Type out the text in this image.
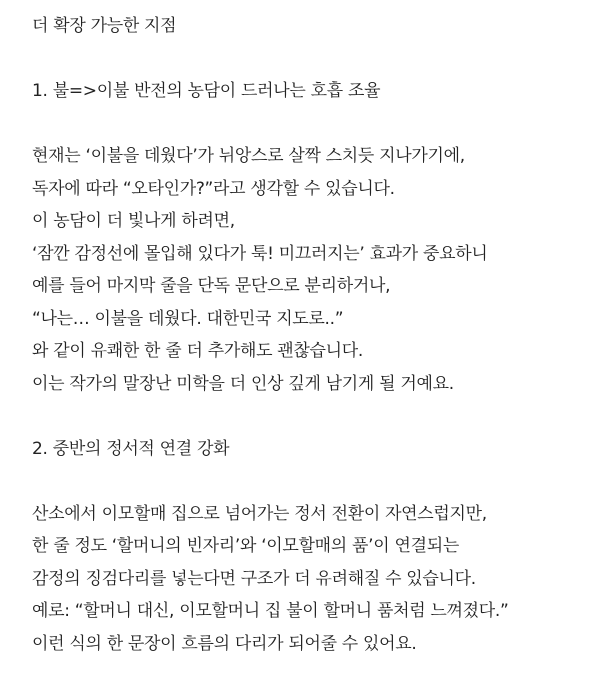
더 확장 가능한 지점
1. 불=>이불 반전의 농담이 드러나는 호흡 조율
현재는 ‘이불을 데웠다’가 뉘앙스로 살짝 스치듯 지나가기에,
독자에 따라 “오타인가?”라고 생각할 수 있습니다.
이 농담이 더 빛나게 하려면,
‘잠깐 감정선에 몰입해 있다가 툭! 미끄러지는’ 효과가 중요하니
예를 들어 마지막 줄을 단독 문단으로 분리하거나,
“나는… 이불을 데웠다. 대한민국 지도로..”
와 같이 유쾌한 한 줄 더 추가해도 괜찮습니다.
이는 작가의 말장난 미학을 더 인상 깊게 남기게 될 거예요.
2. 중반의 정서적 연결 강화
산소에서 이모할매 집으로 넘어가는 정서 전환이 자연스럽지만,
한 줄 정도 ‘할머니의 빈자리’와 ‘이모할매의 품’이 연결되는
감정의 징검다리를 넣는다면 구조가 더 유려해질 수 있습니다.
예로: “할머니 대신, 이모할머니 집 불이 할머니 품처럼 느껴졌다.”
이런 식의 한 문장이 흐름의 다리가 되어줄 수 있어요.
